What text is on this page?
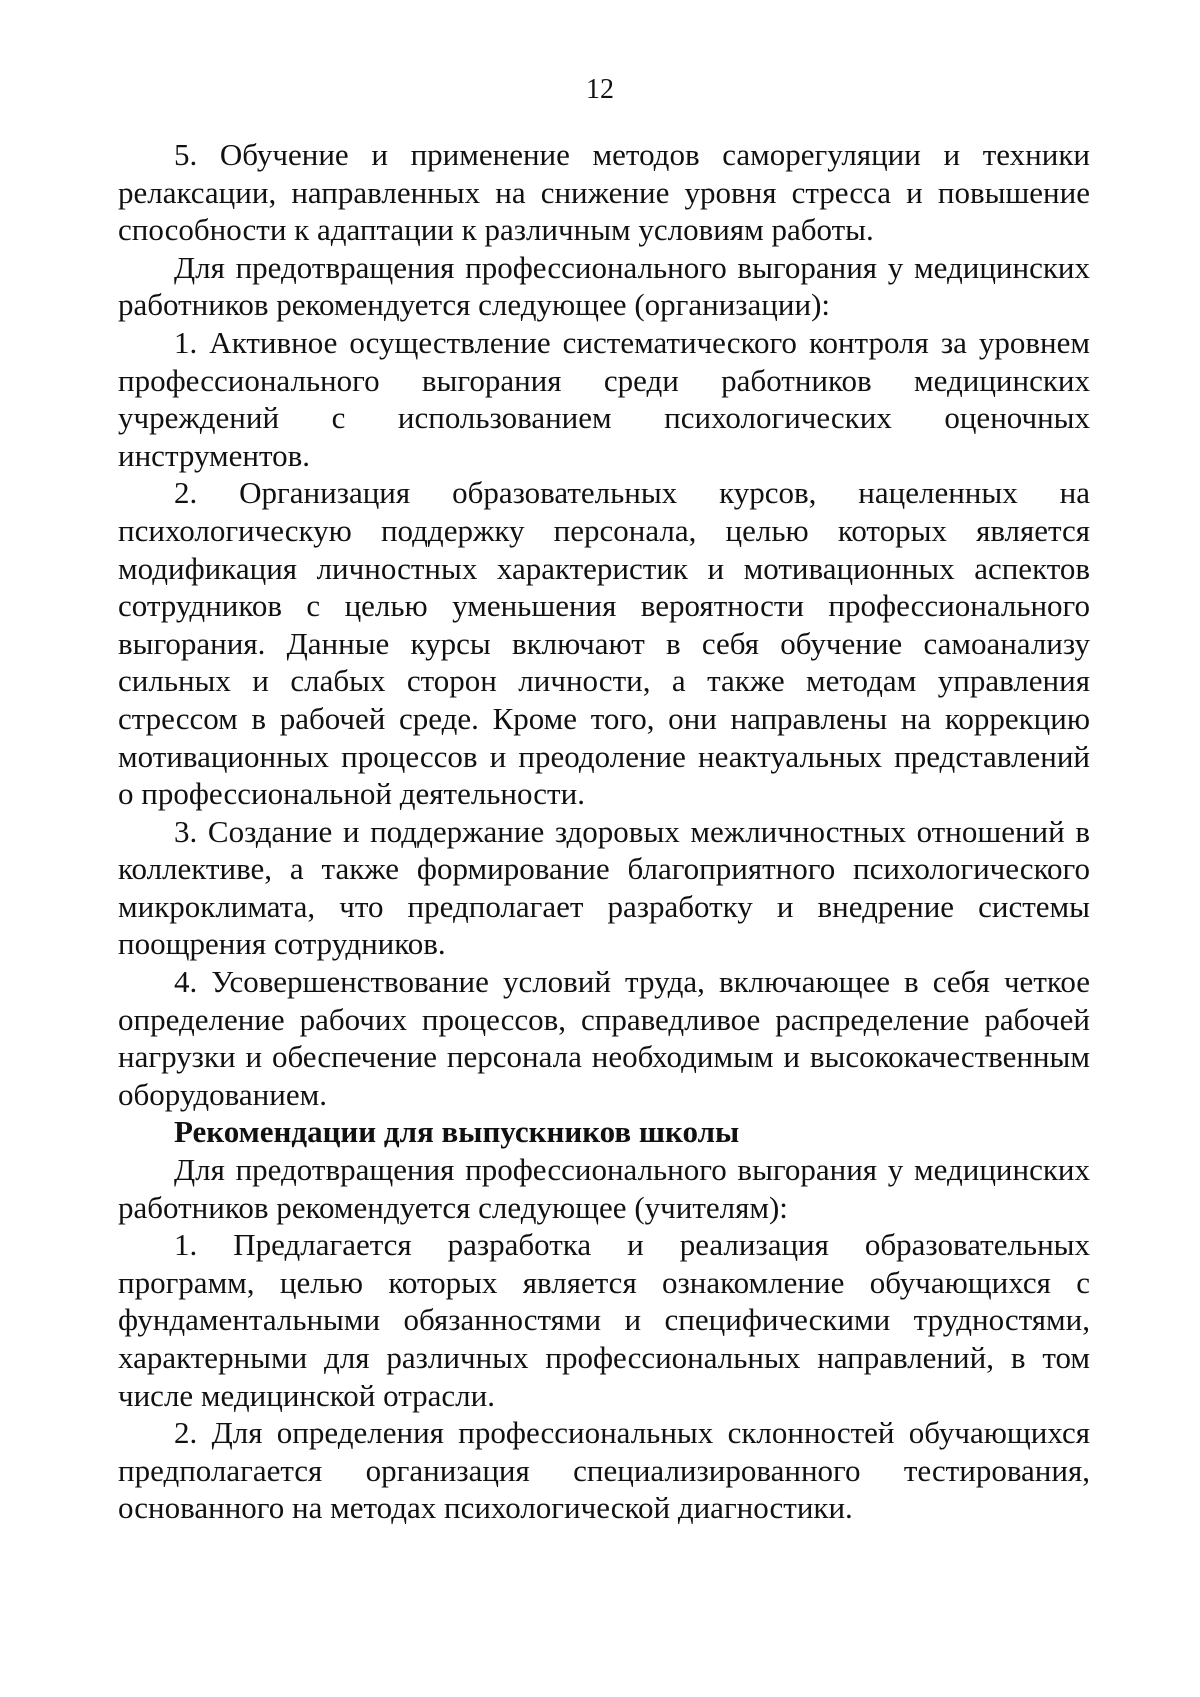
12

5. Обучение и применение методов саморегуляции и техники релаксации, направленных на снижение уровня стресса и повышение способности к адаптации к различным условиям работы.

Для предотвращения профессионального выгорания у медицинских работников рекомендуется следующее (организации):

1. Активное осуществление систематического контроля за уровнем профессионального выгорания среди работников медицинских учреждений с использованием психологических оценочных инструментов.

2. Организация образовательных курсов, нацеленных на психологическую поддержку персонала, целью которых является модификация личностных характеристик и мотивационных аспектов сотрудников с целью уменьшения вероятности профессионального выгорания. Данные курсы включают в себя обучение самоанализу сильных и слабых сторон личности, а также методам управления стрессом в рабочей среде. Кроме того, они направлены на коррекцию мотивационных процессов и преодоление неактуальных представлений о профессиональной деятельности.

3. Создание и поддержание здоровых межличностных отношений в коллективе, а также формирование благоприятного психологического микроклимата, что предполагает разработку и внедрение системы поощрения сотрудников.

4. Усовершенствование условий труда, включающее в себя четкое определение рабочих процессов, справедливое распределение рабочей нагрузки и обеспечение персонала необходимым и высококачественным оборудованием.

Рекомендации для выпускников школы

Для предотвращения профессионального выгорания у медицинских работников рекомендуется следующее (учителям):

1. Предлагается разработка и реализация образовательных программ, целью которых является ознакомление обучающихся с фундаментальными обязанностями и специфическими трудностями, характерными для различных профессиональных направлений, в том числе медицинской отрасли.

2. Для определения профессиональных склонностей обучающихся предполагается организация специализированного тестирования, основанного на методах психологической диагностики.
